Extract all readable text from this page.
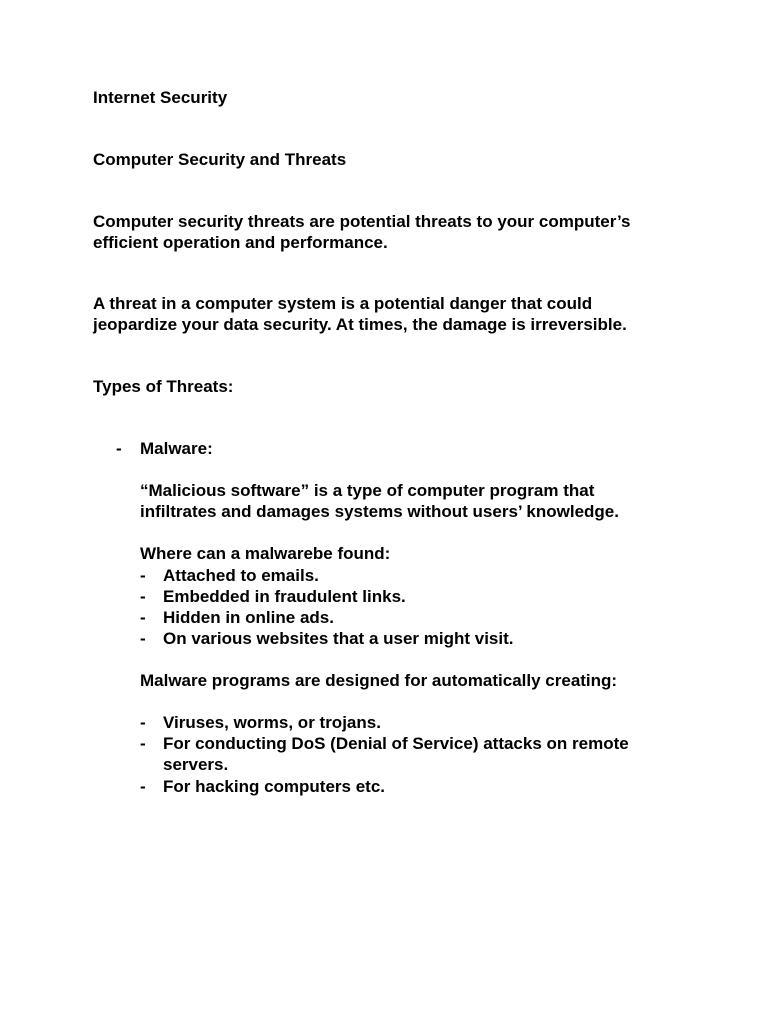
Internet Security
Computer Security and Threats
Computer security threats are potential threats to your computer’s
efficient operation and performance.
A threat in a computer system is a potential danger that could
jeopardize your data security. At times, the damage is irreversible.
Types of Threats:
- Malware:
“Malicious software” is a type of computer program that
infiltrates and damages systems without users’ knowledge.
Where can a malwarebe found:
-	Attached to emails.
-	Embedded in fraudulent links.
-	Hidden in online ads.
-	On various websites that a user might visit.
Malware programs are designed for automatically creating:
-	Viruses, worms, or trojans.
-	For conducting DoS (Denial of Service) attacks on remote
servers.
-	For hacking computers etc.
